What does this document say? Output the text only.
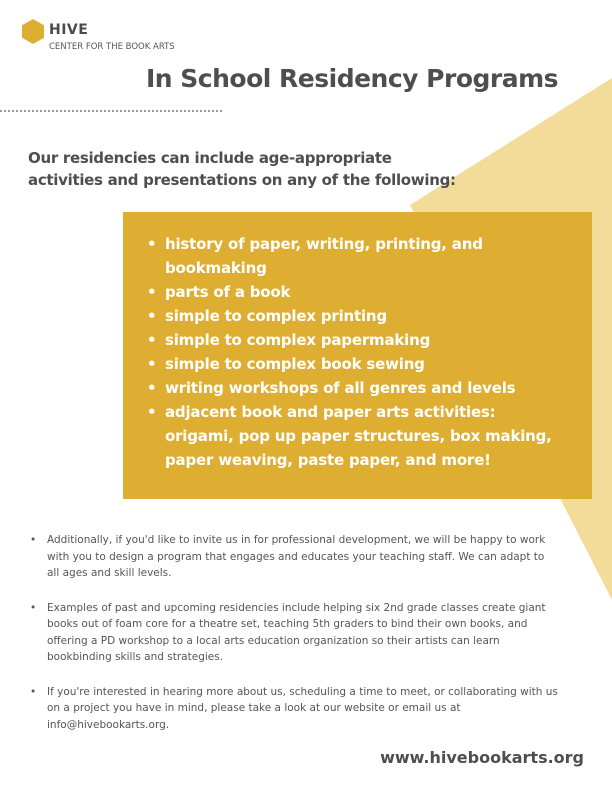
HIVE
CENTER FOR THE BOOK ARTS
In School Residency Programs
Our residencies can include age-appropriate
activities and presentations on any of the following:
• history of paper, writing, printing, and
bookmaking
• parts of a book
• simple to complex printing
• simple to complex papermaking
• simple to complex book sewing
• writing workshops of all genres and levels
• adjacent book and paper arts activities:
origami, pop up paper structures, box making,
paper weaving, paste paper, and more!
• Additionally, if you'd like to invite us in for professional development, we will be happy to work
with you to design a program that engages and educates your teaching staff. We can adapt to
all ages and skill levels.
• Examples of past and upcoming residencies include helping six 2nd grade classes create giant
books out of foam core for a theatre set, teaching 5th graders to bind their own books, and
offering a PD workshop to a local arts education organization so their artists can learn
bookbinding skills and strategies.
• If you're interested in hearing more about us, scheduling a time to meet, or collaborating with us
on a project you have in mind, please take a look at our website or email us at
info@hivebookarts.org.
www.hivebookarts.org
